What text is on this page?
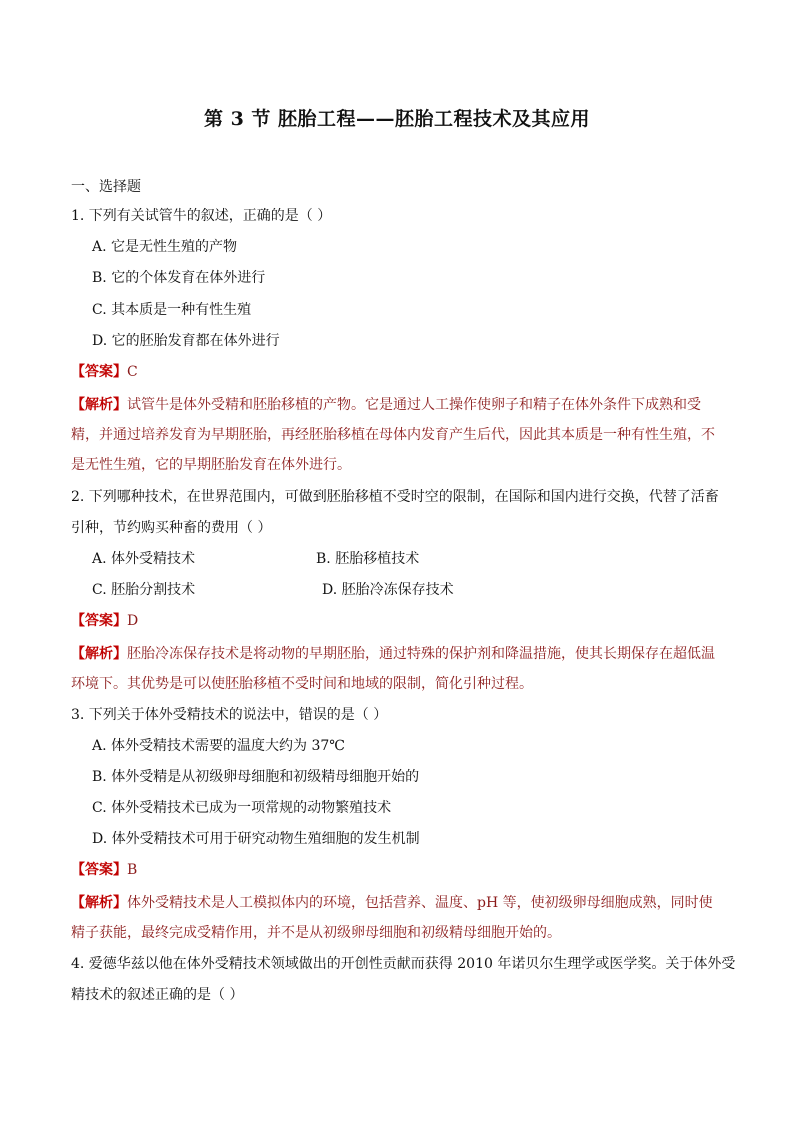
第 3 节 胚胎工程——胚胎工程技术及其应用
一、选择题
1. 下列有关试管牛的叙述，正确的是（ ）
A. 它是无性生殖的产物
B. 它的个体发育在体外进行
C. 其本质是一种有性生殖
D. 它的胚胎发育都在体外进行
【答案】C
【解析】试管牛是体外受精和胚胎移植的产物。它是通过人工操作使卵子和精子在体外条件下成熟和受精，并通过培养发育为早期胚胎，再经胚胎移植在母体内发育产生后代，因此其本质是一种有性生殖，不是无性生殖，它的早期胚胎发育在体外进行。
2. 下列哪种技术，在世界范围内，可做到胚胎移植不受时空的限制，在国际和国内进行交换，代替了活畜
引种，节约购买种畜的费用（ ）
A. 体外受精技术	B. 胚胎移植技术
C. 胚胎分割技术	D. 胚胎冷冻保存技术
【答案】D
【解析】胚胎冷冻保存技术是将动物的早期胚胎，通过特殊的保护剂和降温措施，使其长期保存在超低温环境下。其优势是可以使胚胎移植不受时间和地域的限制，简化引种过程。
3. 下列关于体外受精技术的说法中，错误的是（ ）
A. 体外受精技术需要的温度大约为 37℃
B. 体外受精是从初级卵母细胞和初级精母细胞开始的
C. 体外受精技术已成为一项常规的动物繁殖技术
D. 体外受精技术可用于研究动物生殖细胞的发生机制
【答案】B
【解析】体外受精技术是人工模拟体内的环境，包括营养、温度、pH 等，使初级卵母细胞成熟，同时使精子获能，最终完成受精作用，并不是从初级卵母细胞和初级精母细胞开始的。
4. 爱德华兹以他在体外受精技术领域做出的开创性贡献而获得 2010 年诺贝尔生理学或医学奖。关于体外受
精技术的叙述正确的是（ ）
